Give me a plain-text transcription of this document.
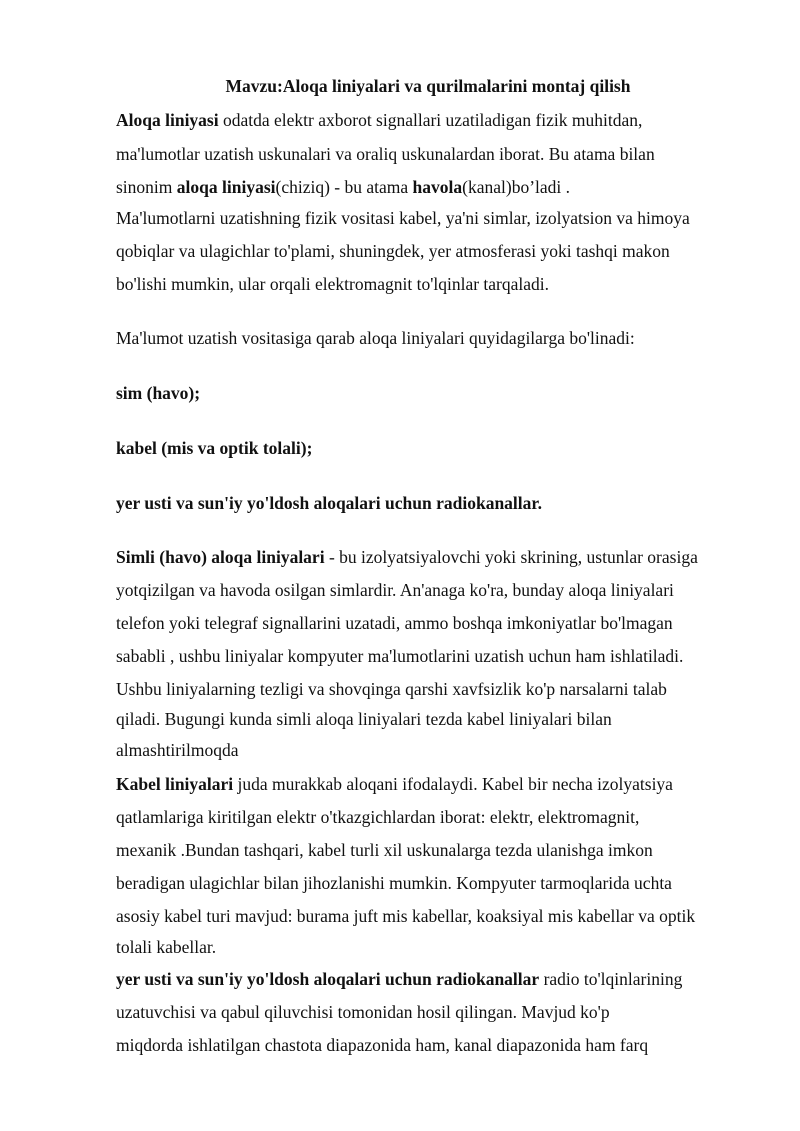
Mavzu:Aloqa liniyalari va qurilmalarini montaj qilish
Aloqa liniyasi odatda elektr axborot signallari uzatiladigan fizik muhitdan,
ma'lumotlar uzatish uskunalari va oraliq uskunalardan iborat. Bu atama bilan
sinonim aloqa liniyasi(chiziq) - bu atama havola(kanal)bo’ladi .
Ma'lumotlarni uzatishning fizik vositasi kabel, ya'ni simlar, izolyatsion va himoya
qobiqlar va ulagichlar to'plami, shuningdek, yer atmosferasi yoki tashqi makon
bo'lishi mumkin, ular orqali elektromagnit to'lqinlar tarqaladi.
Ma'lumot uzatish vositasiga qarab aloqa liniyalari quyidagilarga bo'linadi:
sim (havo);
kabel (mis va optik tolali);
yer usti va sun'iy yo'ldosh aloqalari uchun radiokanallar.
Simli (havo) aloqa liniyalari - bu izolyatsiyalovchi yoki skrining, ustunlar orasiga
yotqizilgan va havoda osilgan simlardir. An'anaga ko'ra, bunday aloqa liniyalari
telefon yoki telegraf signallarini uzatadi, ammo boshqa imkoniyatlar bo'lmagan
sababli , ushbu liniyalar kompyuter ma'lumotlarini uzatish uchun ham ishlatiladi.
Ushbu liniyalarning tezligi va shovqinga qarshi xavfsizlik ko'p narsalarni talab
qiladi. Bugungi kunda simli aloqa liniyalari tezda kabel liniyalari bilan
almashtirilmoqda
Kabel liniyalari juda murakkab aloqani ifodalaydi. Kabel bir necha izolyatsiya
qatlamlariga kiritilgan elektr o'tkazgichlardan iborat: elektr, elektromagnit,
mexanik .Bundan tashqari, kabel turli xil uskunalarga tezda ulanishga imkon
beradigan ulagichlar bilan jihozlanishi mumkin. Kompyuter tarmoqlarida uchta
asosiy kabel turi mavjud: burama juft mis kabellar, koaksiyal mis kabellar va optik
tolali kabellar.
yer usti va sun'iy yo'ldosh aloqalari uchun radiokanallar radio to'lqinlarining
uzatuvchisi va qabul qiluvchisi tomonidan hosil qilingan. Mavjud ko'p
miqdorda ishlatilgan chastota diapazonida ham, kanal diapazonida ham farq
